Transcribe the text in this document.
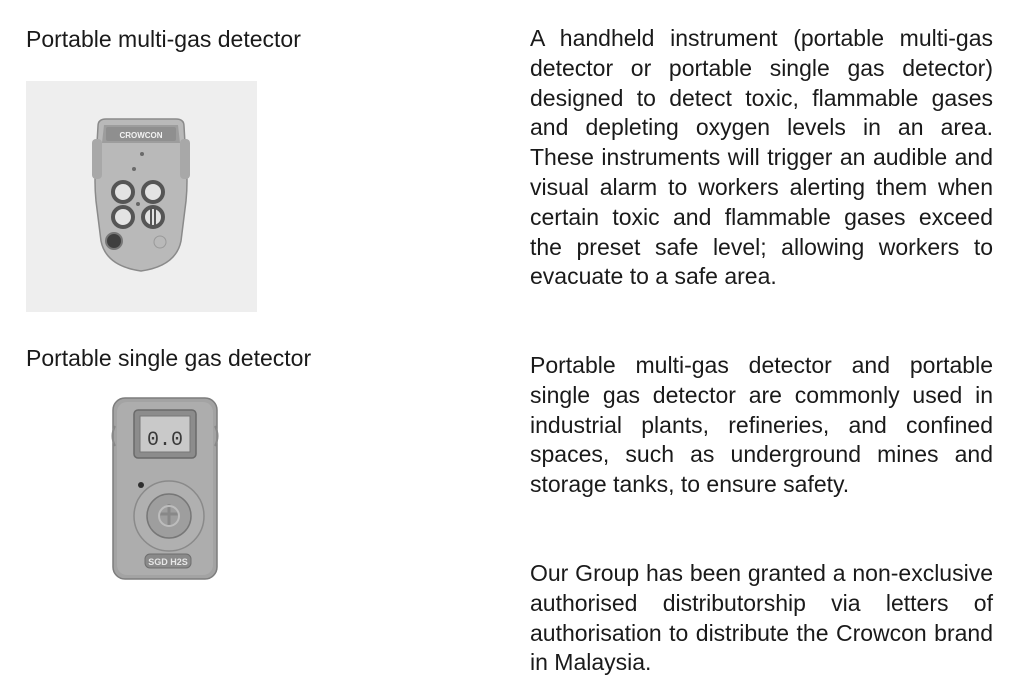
Portable multi-gas detector
CROWCON
Portable single gas detector
0.0
SGD H2S

A handheld instrument (portable multi-gas detector or portable single gas detector) designed to detect toxic, flammable gases and depleting oxygen levels in an area. These instruments will trigger an audible and visual alarm to workers alerting them when certain toxic and flammable gases exceed the preset safe level; allowing workers to evacuate to a safe area.

Portable multi-gas detector and portable single gas detector are commonly used in industrial plants, refineries, and confined spaces, such as underground mines and storage tanks, to ensure safety.

Our Group has been granted a non-exclusive authorised distributorship via letters of authorisation to distribute the Crowcon brand in Malaysia.
